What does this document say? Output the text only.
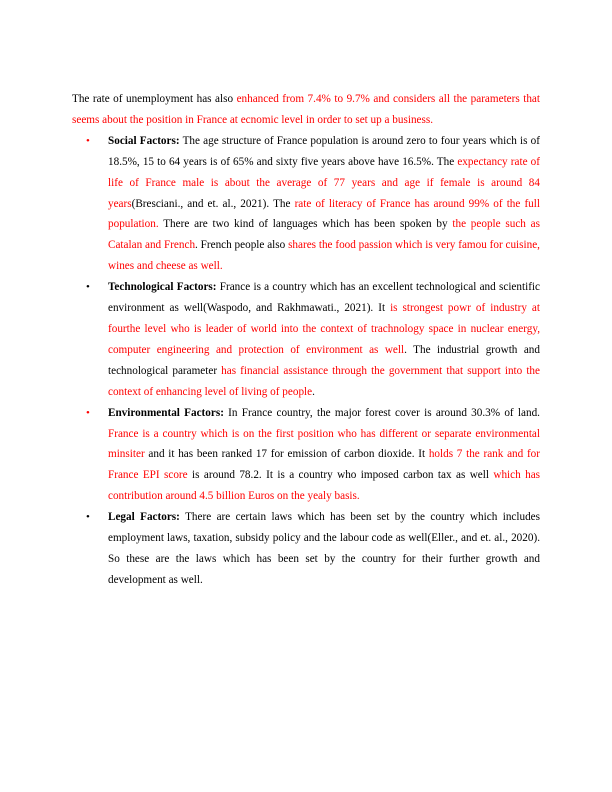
The rate of unemployment has also enhanced from 7.4% to 9.7% and considers all the parameters that seems about the position in France at ecnomic level in order to set up a business.

• Social Factors: The age structure of France population is around zero to four years which is of 18.5%, 15 to 64 years is of 65% and sixty five years above have 16.5%. The expectancy rate of life of France male is about the average of 77 years and age if female is around 84 years(Bresciani., and et. al., 2021). The rate of literacy of France has around 99% of the full population. There are two kind of languages which has been spoken by the people such as Catalan and French. French people also shares the food passion which is very famou for cuisine, wines and cheese as well.
• Technological Factors: France is a country which has an excellent technological and scientific environment as well(Waspodo, and Rakhmawati., 2021). It is strongest powr of industry at fourthe level who is leader of world into the context of trachnology space in nuclear energy, computer engineering and protection of environment as well. The industrial growth and technological parameter has financial assistance through the government that support into the context of enhancing level of living of people.
• Environmental Factors: In France country, the major forest cover is around 30.3% of land. France is a country which is on the first position who has different or separate environmental minsiter and it has been ranked 17 for emission of carbon dioxide. It holds 7 the rank and for France EPI score is around 78.2. It is a country who imposed carbon tax as well which has contribution around 4.5 billion Euros on the yealy basis.
• Legal Factors: There are certain laws which has been set by the country which includes employment laws, taxation, subsidy policy and the labour code as well(Eller., and et. al., 2020). So these are the laws which has been set by the country for their further growth and development as well.
